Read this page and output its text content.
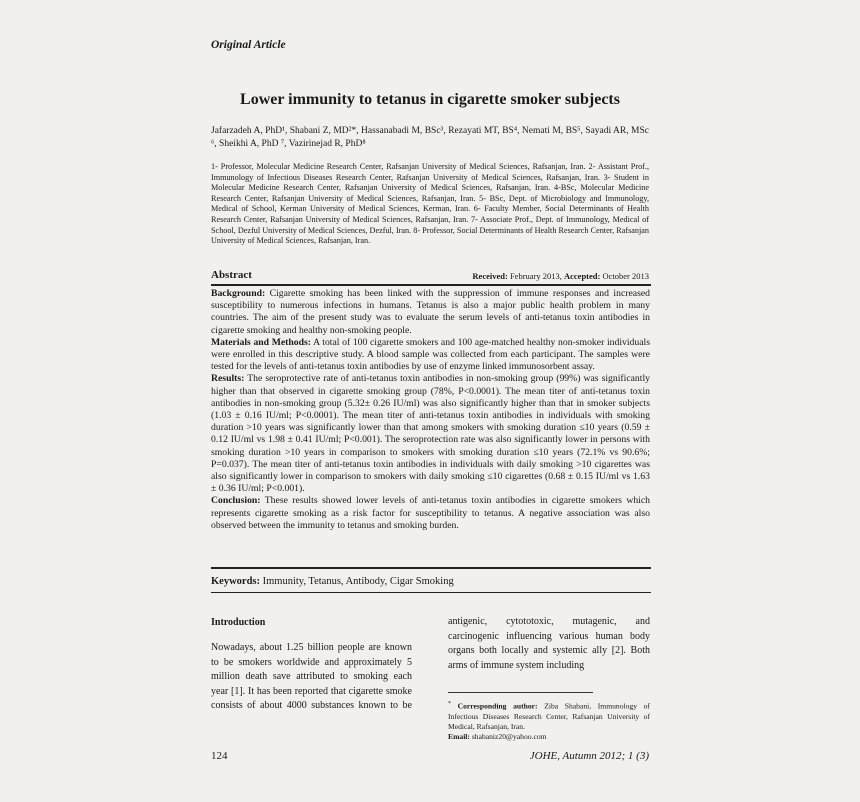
Original Article
Lower immunity to tetanus in cigarette smoker subjects
Jafarzadeh A, PhD¹, Shabani Z, MD²*, Hassanabadi M, BSc³, Rezayati MT, BS⁴, Nemati M, BS⁵, Sayadi AR, MSc ⁶, Sheikhi A, PhD ⁷, Vazirinejad R, PhD⁸
1- Professor, Molecular Medicine Research Center, Rafsanjan University of Medical Sciences, Rafsanjan, Iran. 2- Assistant Prof., Immunology of Infectious Diseases Research Center, Rafsanjan University of Medical Sciences, Rafsanjan, Iran. 3- Student in Molecular Medicine Research Center, Rafsanjan University of Medical Sciences, Rafsanjan, Iran. 4-BSc, Molecular Medicine Research Center, Rafsanjan University of Medical Sciences, Rafsanjan, Iran. 5- BSc, Dept. of Microbiology and Immunology, Medical of School, Kerman University of Medical Sciences, Kerman, Iran. 6- Faculty Member, Social Determinants of Health Research Center, Rafsanjan University of Medical Sciences, Rafsanjan, Iran. 7- Associate Prof., Dept. of Immunology, Medical of School, Dezful University of Medical Sciences, Dezful, Iran. 8- Professor, Social Determinants of Health Research Center, Rafsanjan University of Medical Sciences, Rafsanjan, Iran.
Abstract	Received: February 2013, Accepted: October 2013

Background: Cigarette smoking has been linked with the suppression of immune responses and increased susceptibility to numerous infections in humans. Tetanus is also a major public health problem in many countries. The aim of the present study was to evaluate the serum levels of anti-tetanus toxin antibodies in cigarette smoking and healthy non-smoking people.

Materials and Methods: A total of 100 cigarette smokers and 100 age-matched healthy non-smoker individuals were enrolled in this descriptive study. A blood sample was collected from each participant. The samples were tested for the levels of anti-tetanus toxin antibodies by use of enzyme linked immunosorbent assay.

Results: The seroprotective rate of anti-tetanus toxin antibodies in non-smoking group (99%) was significantly higher than that observed in cigarette smoking group (78%, P<0.0001). The mean titer of anti-tetanus toxin antibodies in non-smoking group (5.32± 0.26 IU/ml) was also significantly higher than that in smoker subjects (1.03 ± 0.16 IU/ml; P<0.0001). The mean titer of anti-tetanus toxin antibodies in individuals with smoking duration >10 years was significantly lower than that among smokers with smoking duration ≤10 years (0.59 ± 0.12 IU/ml vs 1.98 ± 0.41 IU/ml; P<0.001). The seroprotection rate was also significantly lower in persons with smoking duration >10 years in comparison to smokers with smoking duration ≤10 years (72.1% vs 90.6%; P=0.037). The mean titer of anti-tetanus toxin antibodies in individuals with daily smoking >10 cigarettes was also significantly lower in comparison to smokers with daily smoking ≤10 cigarettes (0.68 ± 0.15 IU/ml vs 1.63 ± 0.36 IU/ml; P<0.001).

Conclusion: These results showed lower levels of anti-tetanus toxin antibodies in cigarette smokers which represents cigarette smoking as a risk factor for susceptibility to tetanus. A negative association was also observed between the immunity to tetanus and smoking burden.

Keywords: Immunity, Tetanus, Antibody, Cigar Smoking
Introduction
Nowadays, about 1.25 billion people are known to be smokers worldwide and approximately 5 million death save attributed to smoking each year [1]. It has been reported that cigarette smoke consists of about 4000 substances known to be
antigenic, cytototoxic, mutagenic, and carcinogenic influencing various human body organs both locally and systemic ally [2]. Both arms of immune system including
* Corresponding author: Ziba Shabani, Immunology of Infectious Diseases Research Center, Rafsanjan University of Medical, Rafsanjan, Iran.
Email: shabaniz20@yahoo.com
124	JOHE, Autumn 2012; 1 (3)
